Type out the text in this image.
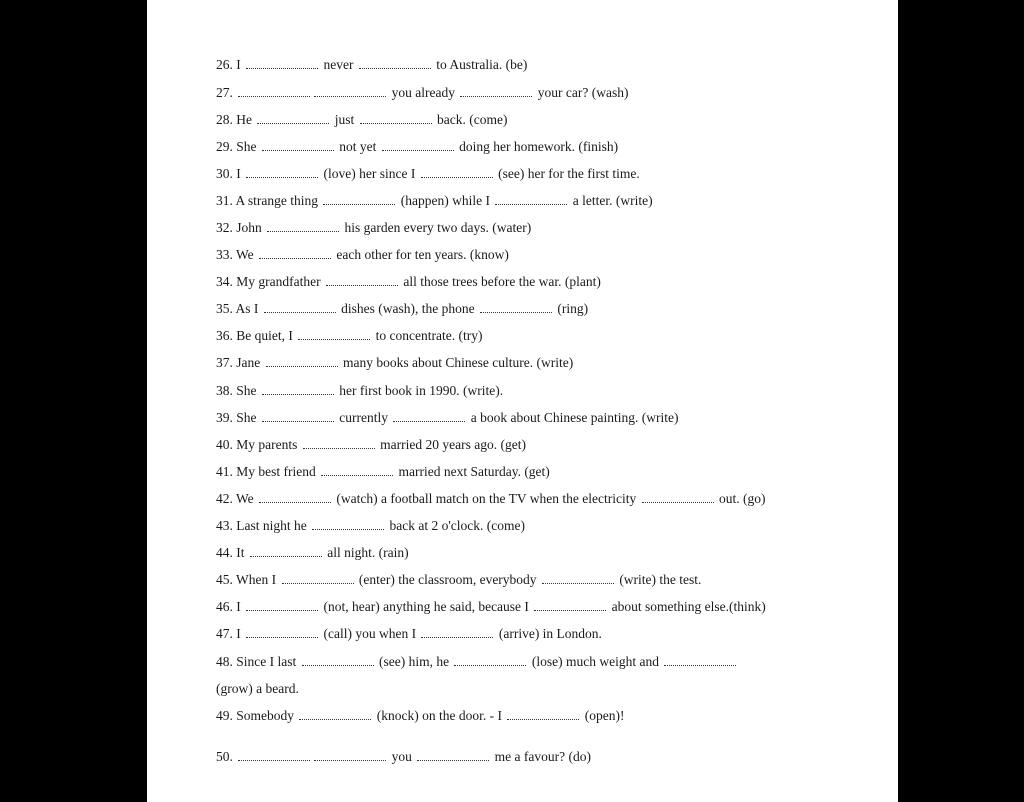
26. I	never	to Australia. (be)
27.	you already	your car? (wash)
28. He	just	back. (come)
29. She	not yet	doing her homework. (finish)
30. I	(love) her since I	(see) her for the first time.
31. A strange thing	(happen) while I	a letter. (write)
32. John	his garden every two days. (water)
33. We	each other for ten years. (know)
34. My grandfather	all those trees before the war. (plant)
35. As I	dishes (wash), the phone	(ring)
36. Be quiet, I	to concentrate. (try)
37. Jane	many books about Chinese culture. (write)
38. She	her first book in 1990. (write).
39. She	currently	a book about Chinese painting. (write)
40. My parents	married 20 years ago. (get)
41. My best friend	married next Saturday. (get)
42. We	(watch) a football match on the TV when the electricity	out. (go)
43. Last night he	back at 2 o'clock. (come)
44. It	all night. (rain)
45. When I	(enter) the classroom, everybody	(write) the test.
46. I	(not, hear) anything he said, because I	about something else.(think)
47. I	(call) you when I	(arrive) in London.
48. Since I last	(see) him, he	(lose) much weight and
(grow) a beard.
49. Somebody	(knock) on the door. - I	(open)!
50.	you	me a favour? (do)
